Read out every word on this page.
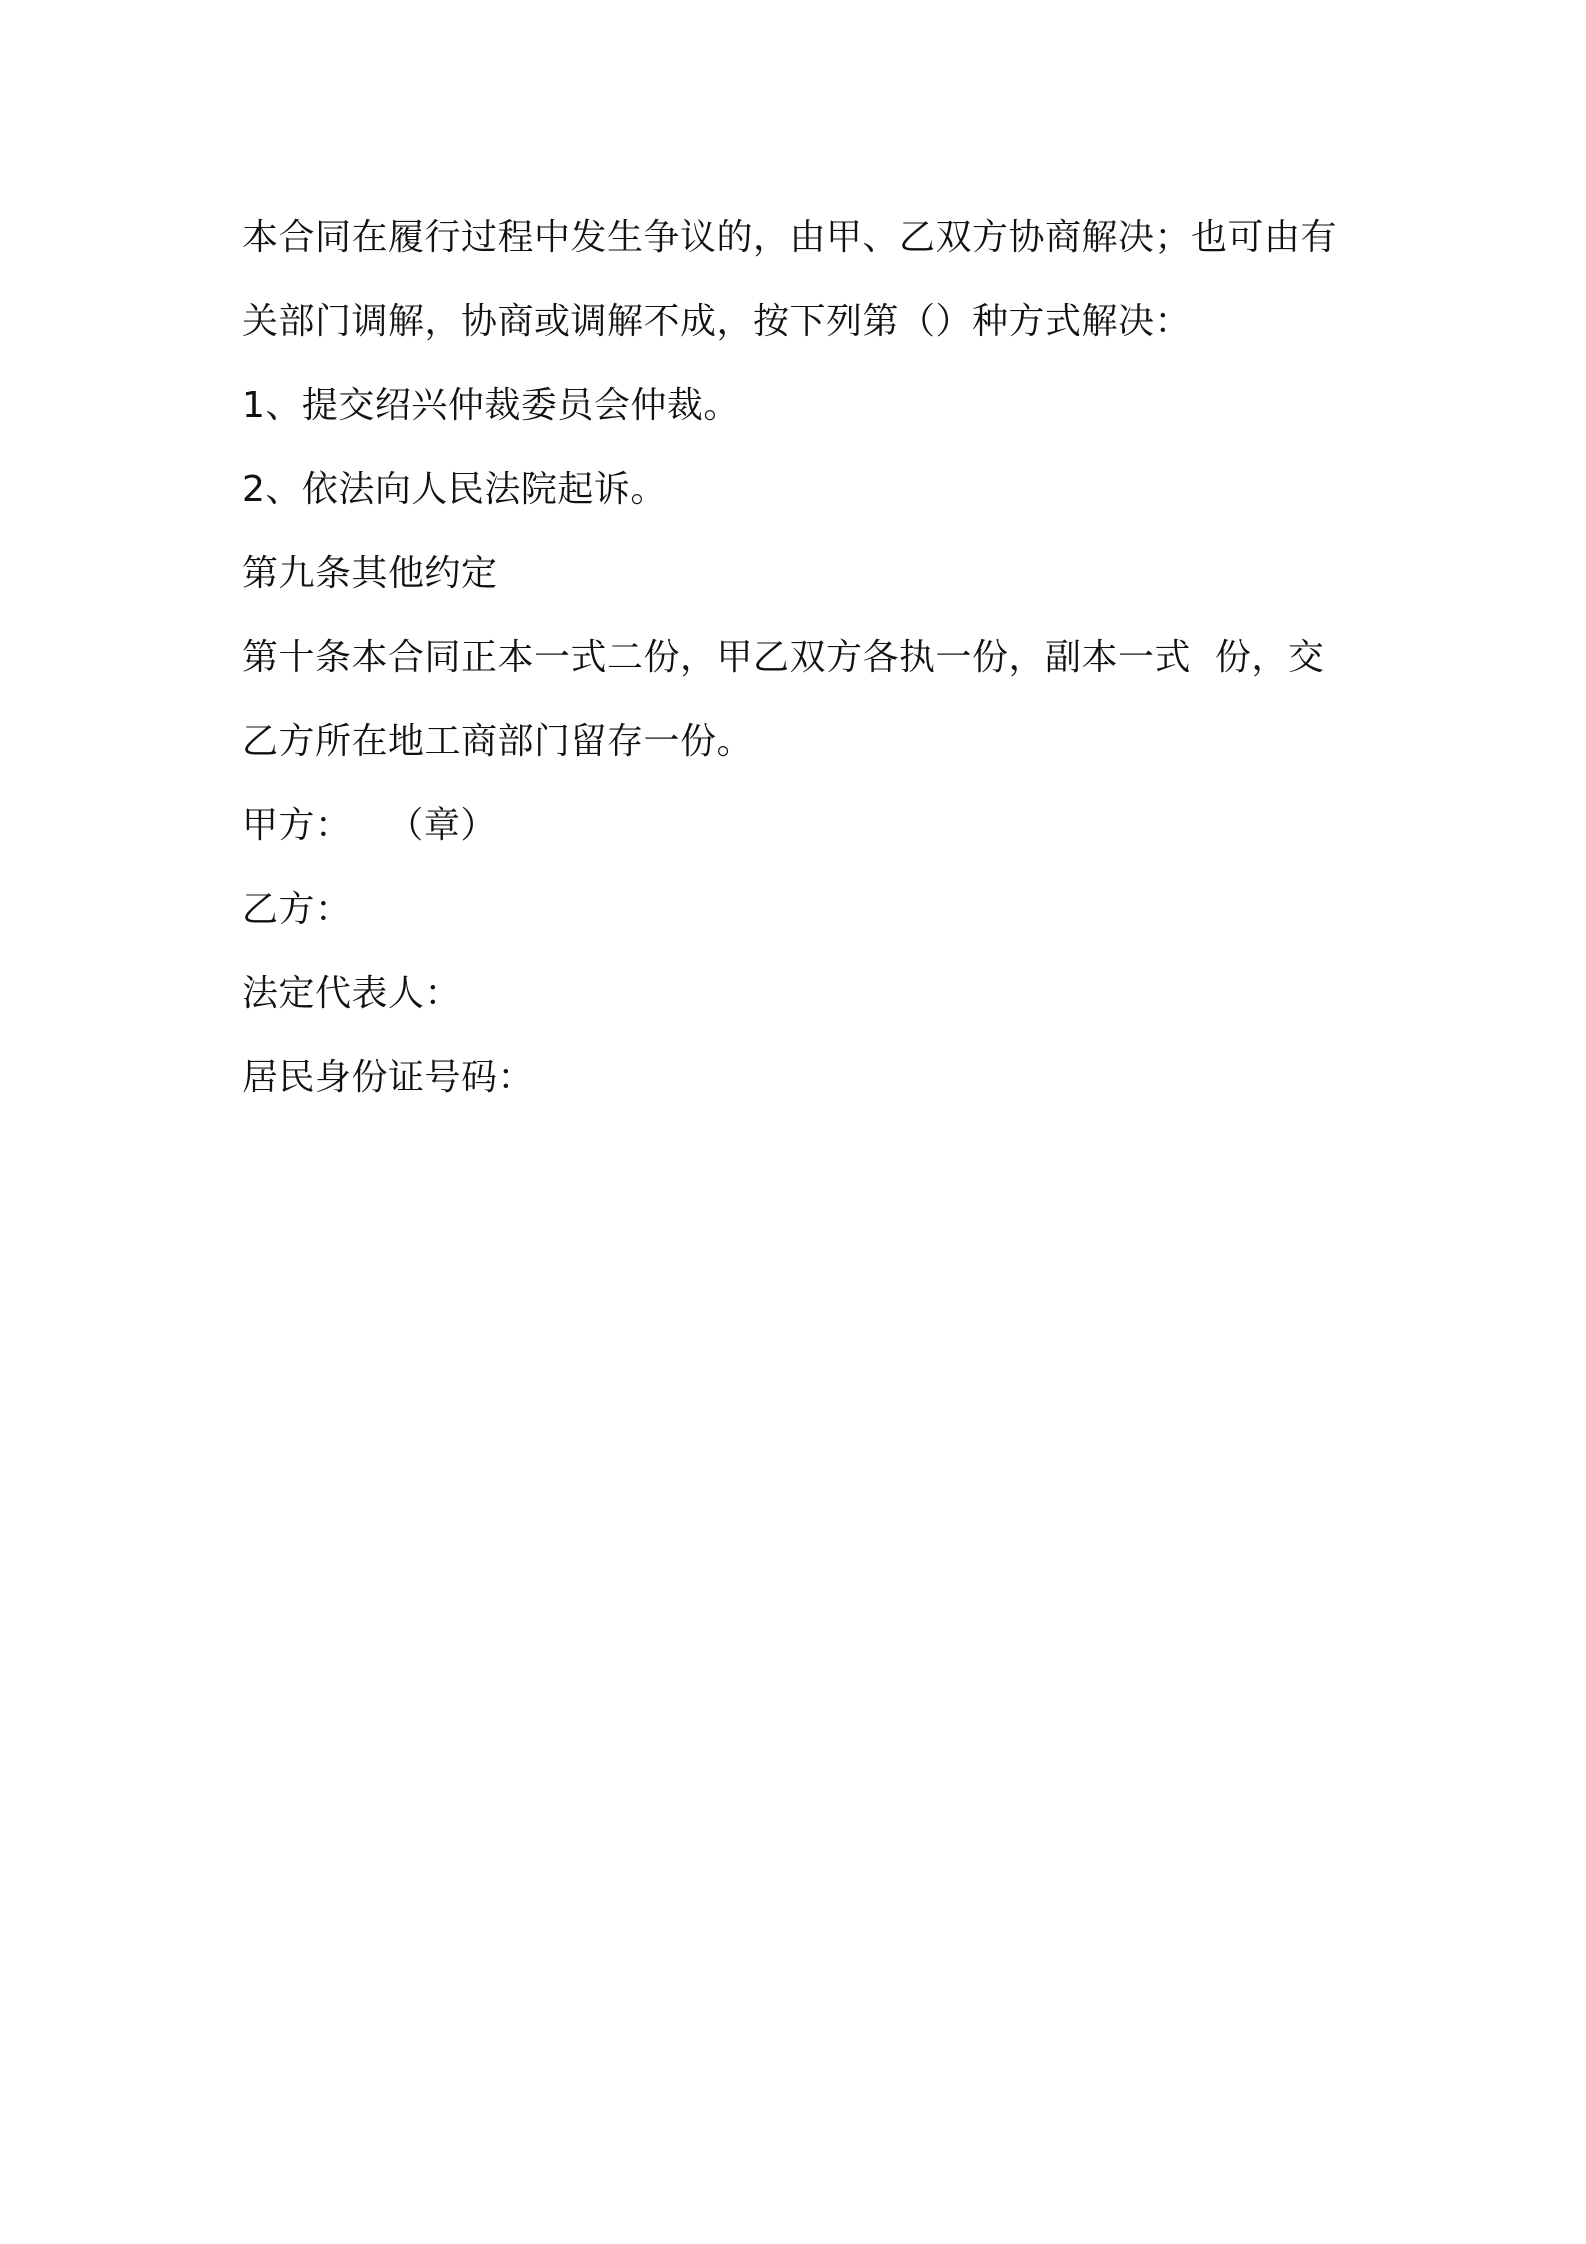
本合同在履行过程中发生争议的，由甲、乙双方协商解决；也可由有
关部门调解，协商或调解不成，按下列第（）种方式解决：
1、提交绍兴仲裁委员会仲裁。
2、依法向人民法院起诉。
第九条其他约定
第十条本合同正本一式二份，甲乙双方各执一份，副本一式  份，交
乙方所在地工商部门留存一份。
甲方：   （章）
乙方：
法定代表人：
居民身份证号码：
